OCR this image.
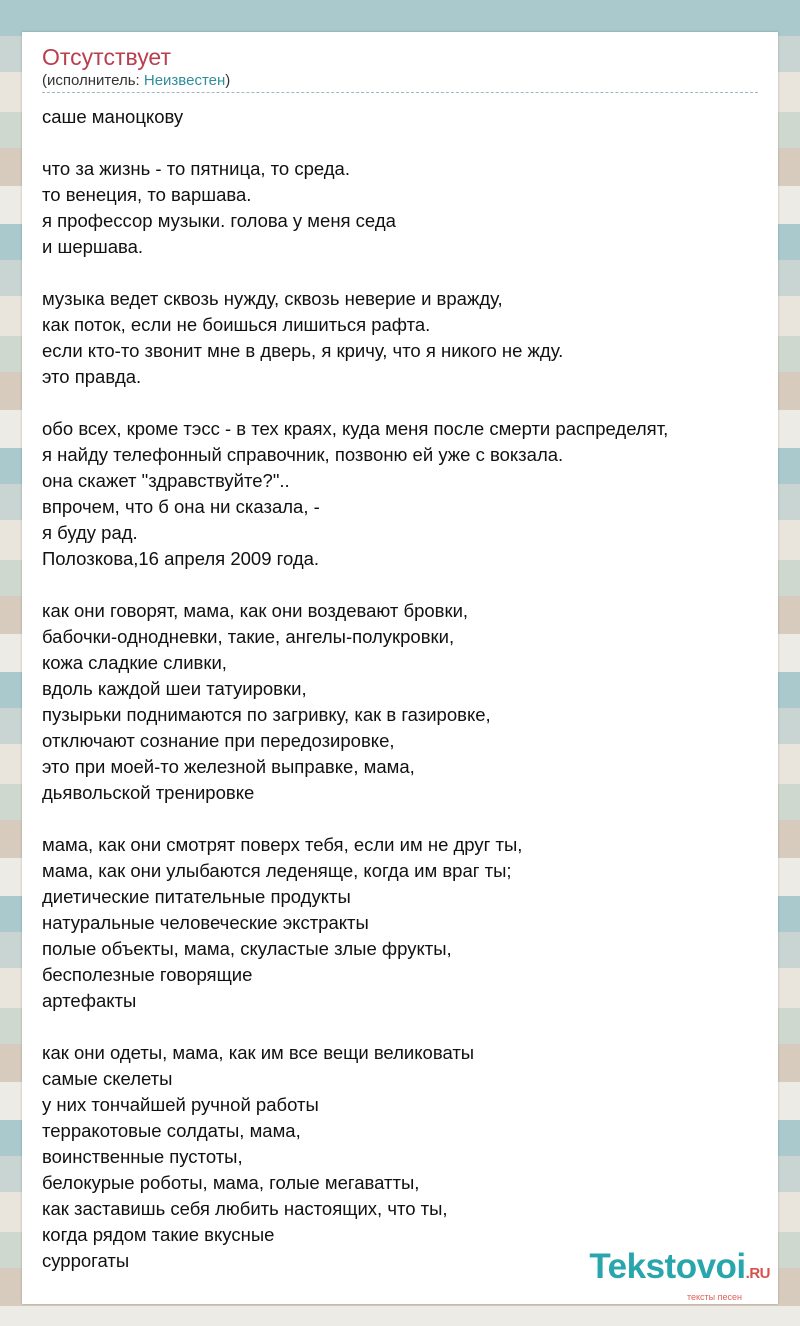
Отсутствует
(исполнитель: Неизвестен)
саше маноцкову
что за жизнь - то пятница, то среда.
то венеция, то варшава.
я профессор музыки. голова у меня седа
и шершава.
музыка ведет сквозь нужду, сквозь неверие и вражду,
как поток, если не боишься лишиться рафта.
если кто-то звонит мне в дверь, я кричу, что я никого не жду.
это правда.
обо всех, кроме тэсс - в тех краях, куда меня после смерти распределят,
я найду телефонный справочник, позвоню ей уже с вокзала.
она скажет "здравствуйте?"..
впрочем, что б она ни сказала, -
я буду рад.
Полозкова,16 апреля 2009 года.
как они говорят, мама, как они воздевают бровки,
бабочки-однодневки, такие, ангелы-полукровки,
кожа сладкие сливки,
вдоль каждой шеи татуировки,
пузырьки поднимаются по загривку, как в газировке,
отключают сознание при передозировке,
это при моей-то железной выправке, мама,
дьявольской тренировке
мама, как они смотрят поверх тебя, если им не друг ты,
мама, как они улыбаются леденяще, когда им враг ты;
диетические питательные продукты
натуральные человеческие экстракты
полые объекты, мама, скуластые злые фрукты,
бесполезные говорящие
артефакты
как они одеты, мама, как им все вещи великоваты
самые скелеты
у них тончайшей ручной работы
терракотовые солдаты, мама,
воинственные пустоты,
белокурые роботы, мама, голые мегаватты,
как заставишь себя любить настоящих, что ты,
когда рядом такие вкусные
суррогаты	Tekstovoi.RU
тексты песен
